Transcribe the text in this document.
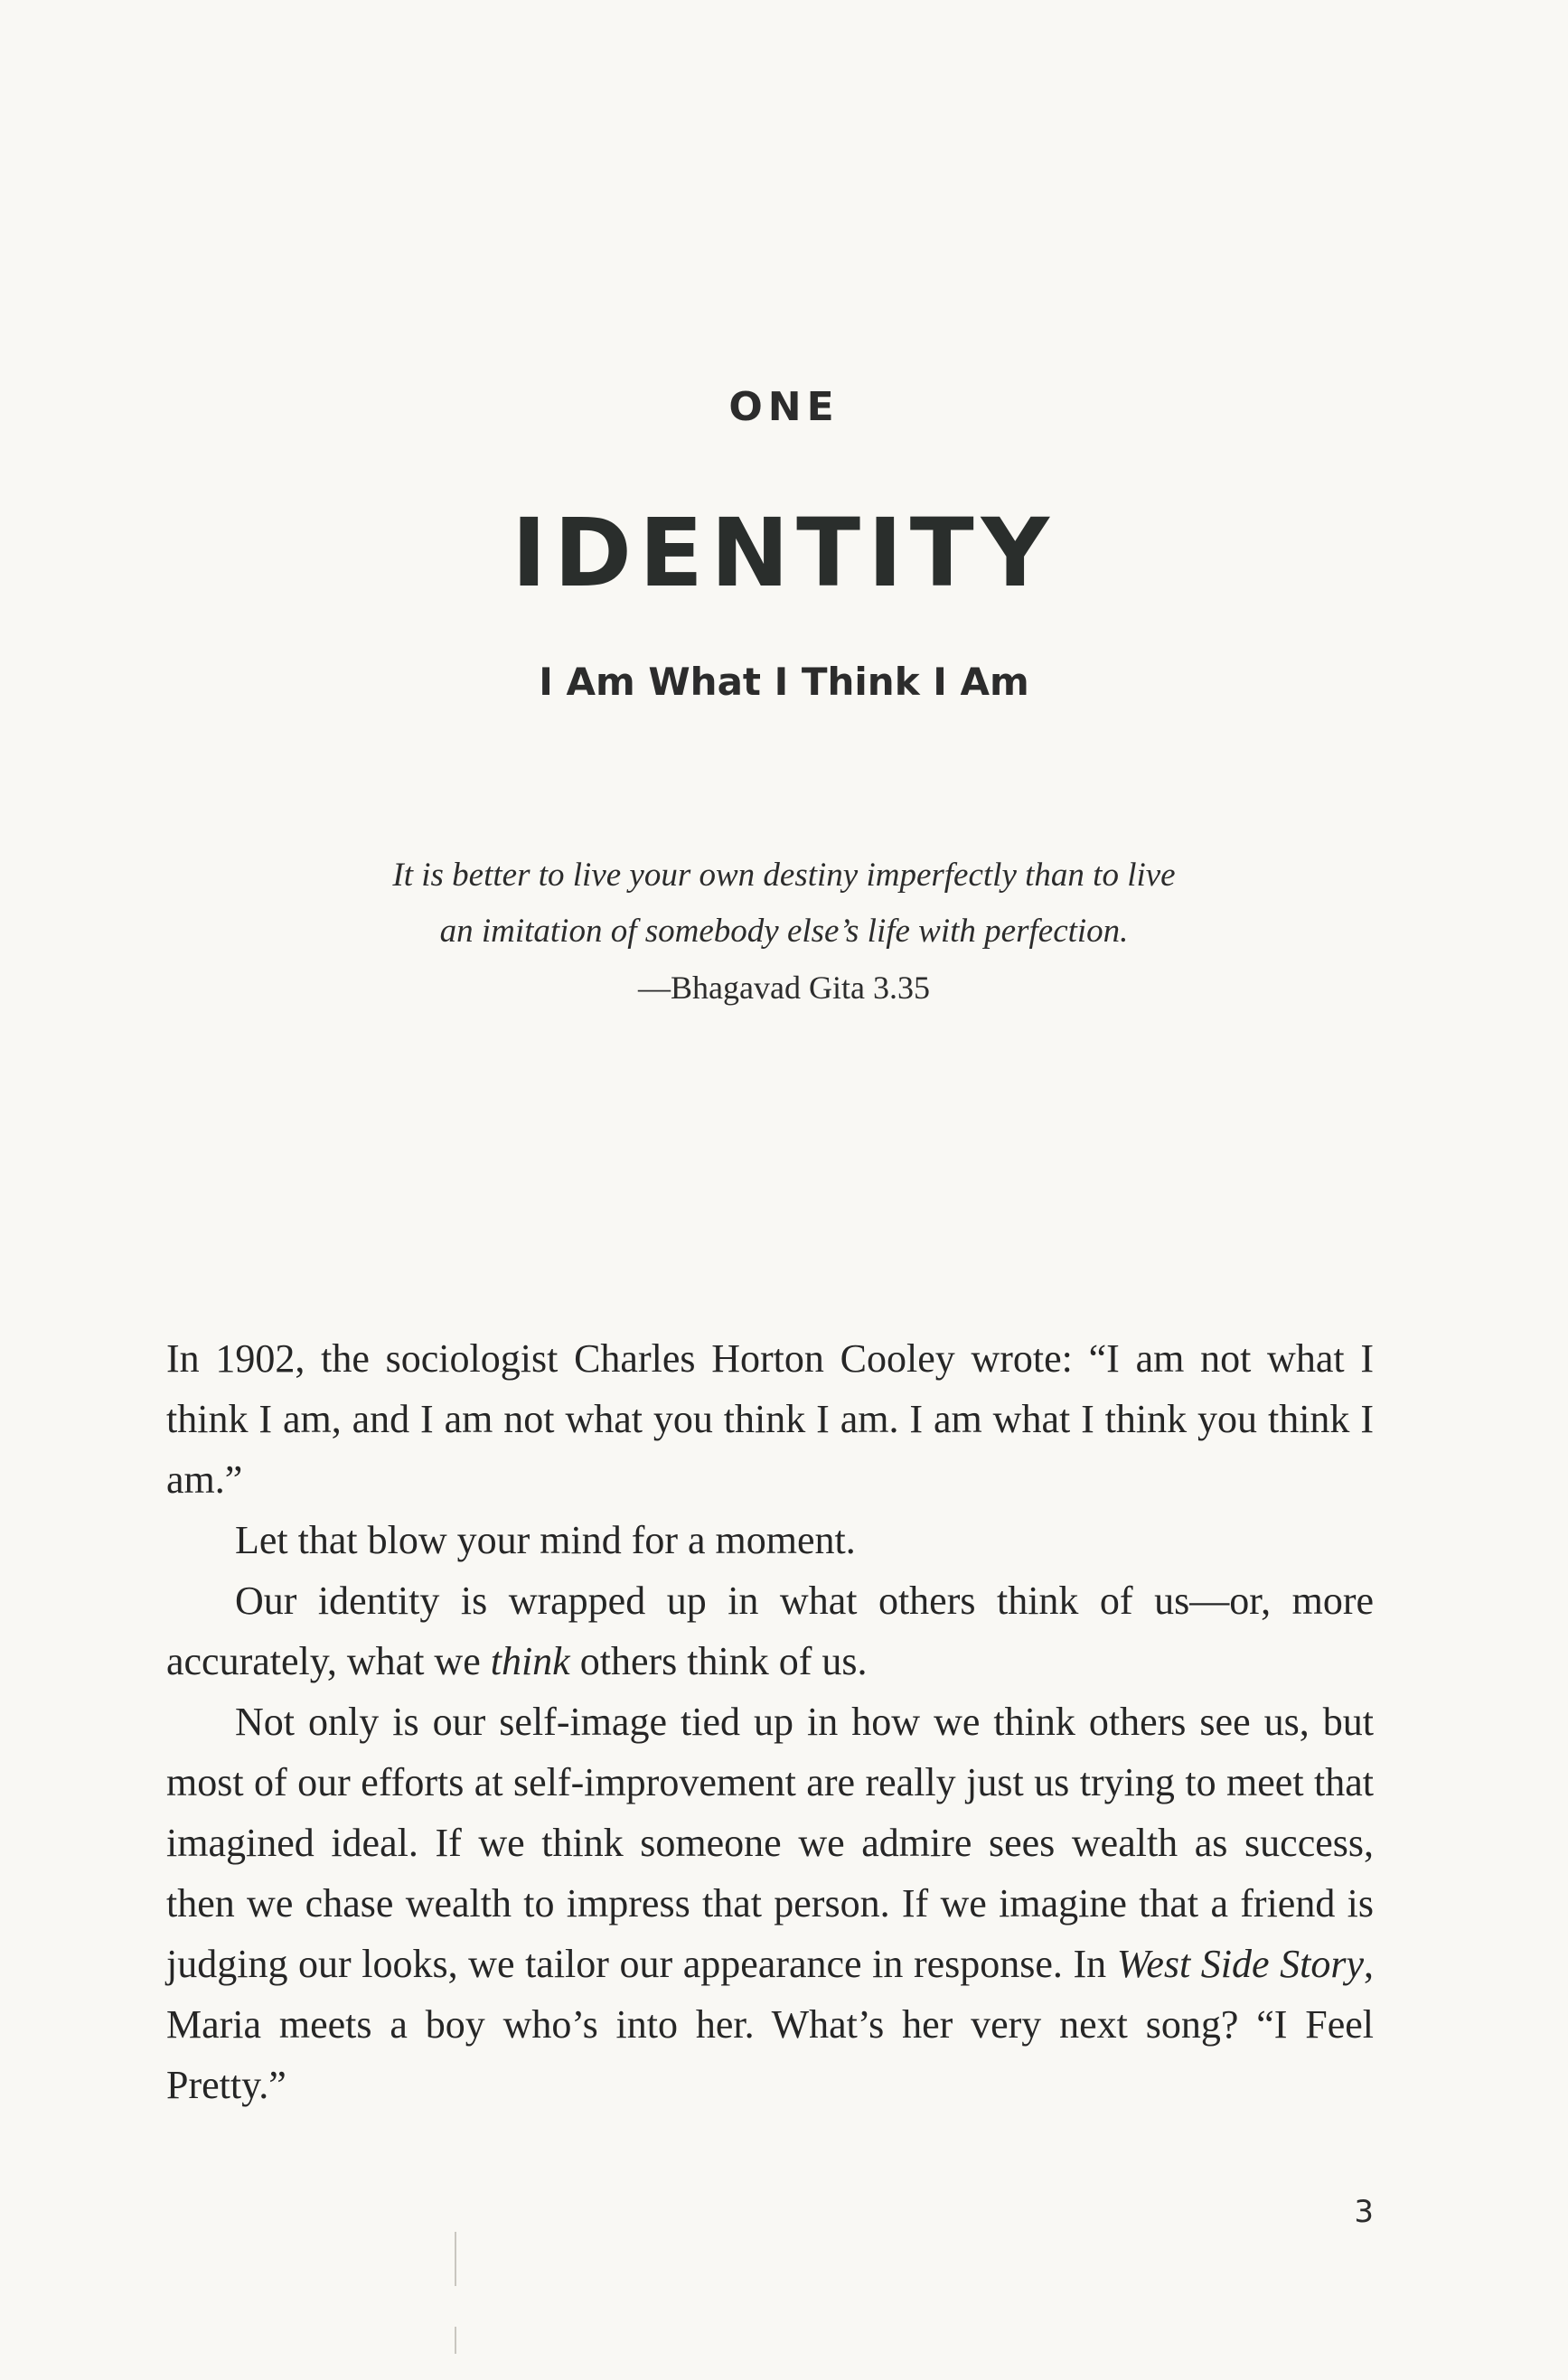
ONE
IDENTITY
I Am What I Think I Am
It is better to live your own destiny imperfectly than to live
an imitation of somebody else’s life with perfection.
—Bhagavad Gita 3.35

In 1902, the sociologist Charles Horton Cooley wrote: “I am not what I think I am, and I am not what you think I am. I am what I think you think I am.”

Let that blow your mind for a moment.

Our identity is wrapped up in what others think of us—or, more accurately, what we think others think of us.

Not only is our self-image tied up in how we think others see us, but most of our efforts at self-improvement are really just us trying to meet that imagined ideal. If we think someone we admire sees wealth as success, then we chase wealth to impress that person. If we imagine that a friend is judging our looks, we tailor our appearance in response. In West Side Story, Maria meets a boy who’s into her. What’s her very next song? “I Feel Pretty.”

3
